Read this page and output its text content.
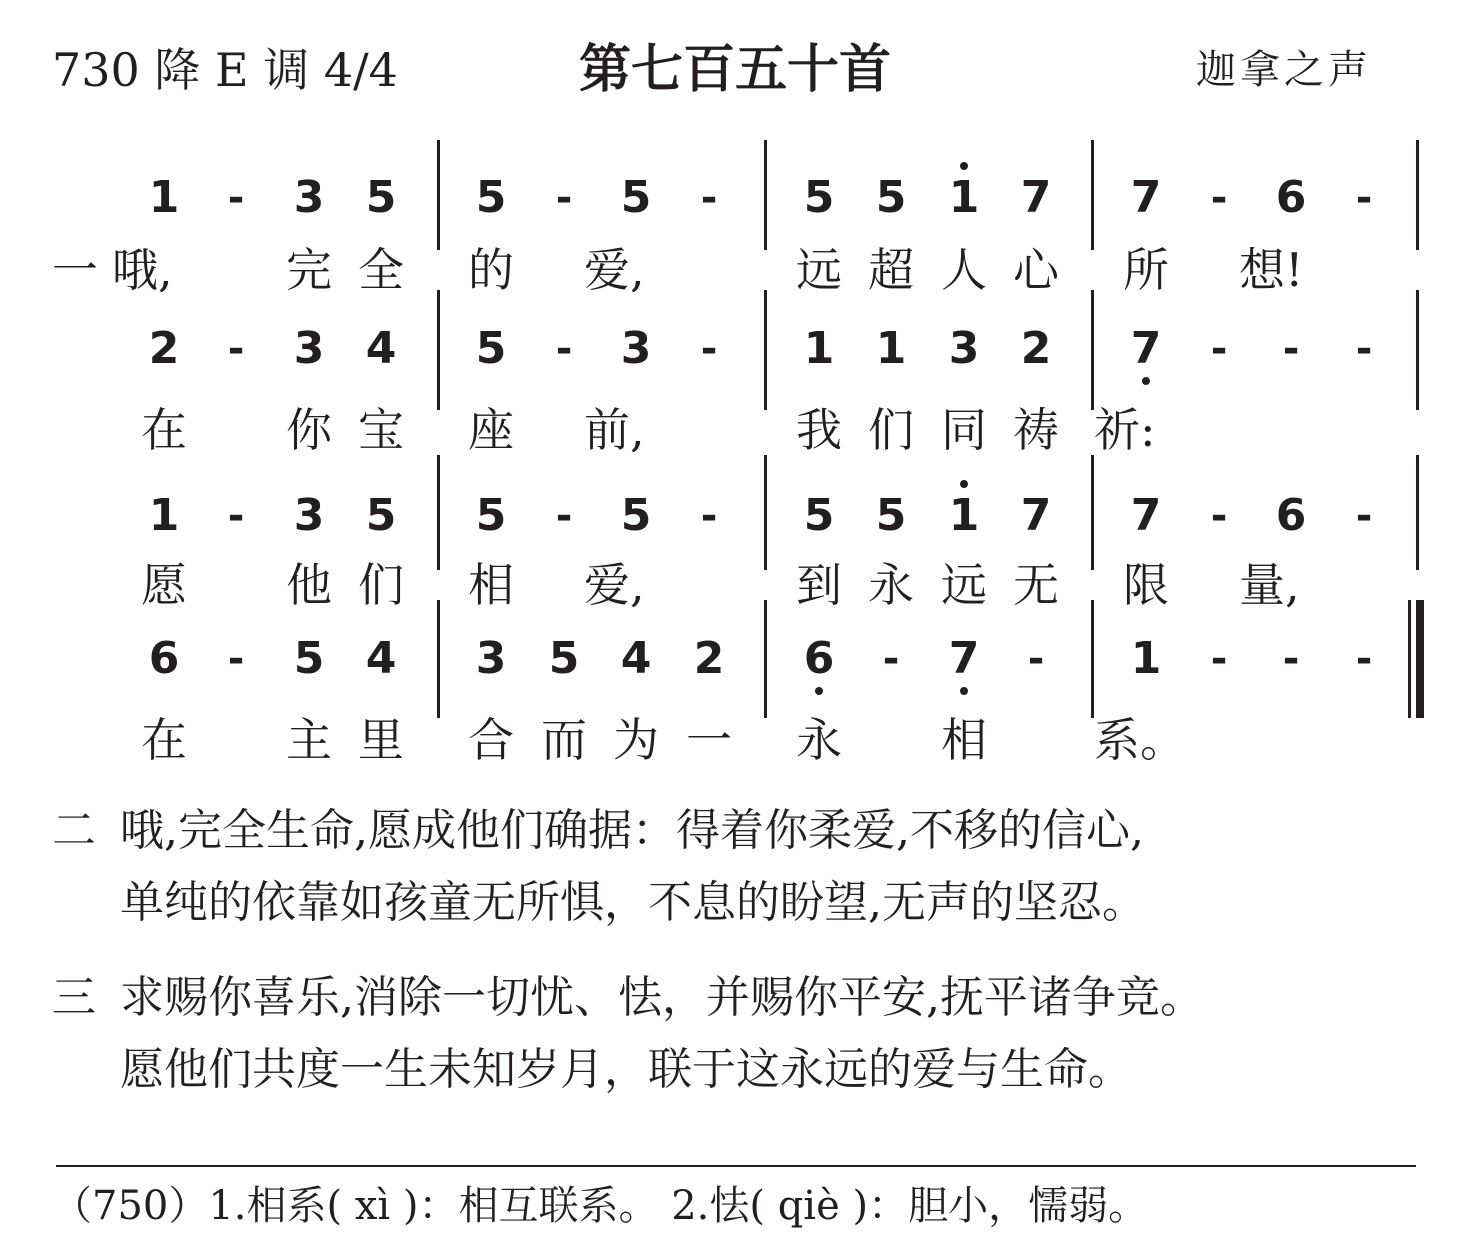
730 降 E 调 4/4	第七百五十首	迦拿之声
1	-	3 5	5	-	5	-	5 5 1 7	7	-	6	-
一 哦,	完 全 的 爱,	远 超 人 心 所 想!
2	-	3 4	5	-	3	-	1 1 3 2	7	-	-	-
在 你 宝 座 前,	我 们 同 祷 祈:
1	-	3 5	5	-	5	-	5 5 1 7	7	-	6	-
愿 他 们 相 爱,	到 永 远 无 限 量,
6	-	5 4	3 5 4 2	6	-	7	-	1	-	-	-
在 主 里 合 而 为 一 永 相 系。
二 哦,完全生命,愿成他们确据：得着你柔爱,不移的信心,
单纯的依靠如孩童无所惧，不息的盼望,无声的坚忍。
三 求赐你喜乐,消除一切忧、怯，并赐你平安,抚平诸争竞。
愿他们共度一生未知岁月，联于这永远的爱与生命。
（750）1.相系( xì )：相互联系。 2.怯( qiè )：胆小，懦弱。
